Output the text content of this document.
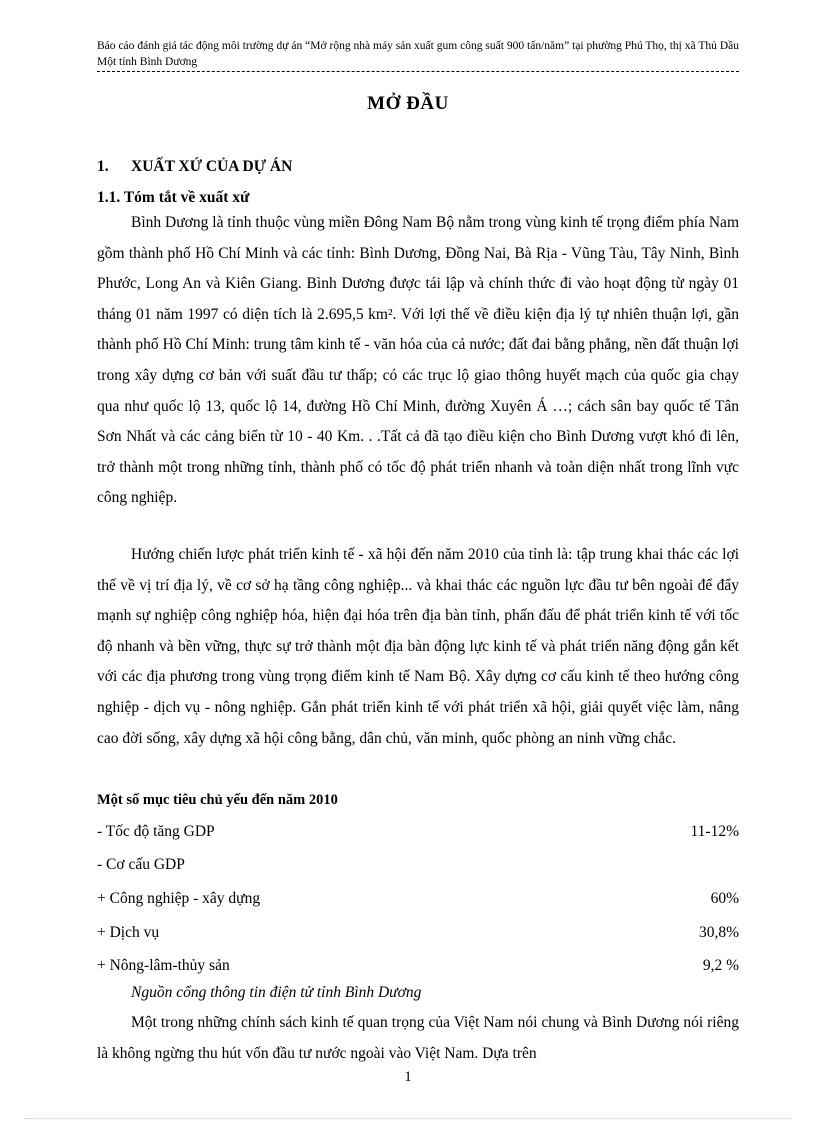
Báo cáo đánh giá tác động môi trường dự án “Mở rộng nhà máy sản xuất gum công suất 900 tấn/năm” tại phường Phú Thọ, thị xã Thủ Dầu Một tỉnh Bình Dương
MỞ ĐẦU
1. XUẤT XỨ CỦA DỰ ÁN
1.1. Tóm tắt về xuất xứ

Bình Dương là tỉnh thuộc vùng miền Đông Nam Bộ nằm trong vùng kinh tế trọng điểm phía Nam gồm thành phố Hồ Chí Minh và các tỉnh: Bình Dương, Đồng Nai, Bà Rịa - Vũng Tàu, Tây Ninh, Bình Phước, Long An và Kiên Giang. Bình Dương được tái lập và chính thức đi vào hoạt động từ ngày 01 tháng 01 năm 1997 có diện tích là 2.695,5 km². Với lợi thế về điều kiện địa lý tự nhiên thuận lợi, gần thành phố Hồ Chí Minh: trung tâm kinh tế - văn hóa của cả nước; đất đai bằng phẳng, nền đất thuận lợi trong xây dựng cơ bản với suất đầu tư thấp; có các trục lộ giao thông huyết mạch của quốc gia chạy qua như quốc lộ 13, quốc lộ 14, đường Hồ Chí Minh, đường Xuyên Á …; cách sân bay quốc tế Tân Sơn Nhất và các cảng biển từ 10 - 40 Km. . .Tất cả đã tạo điều kiện cho Bình Dương vượt khó đi lên, trở thành một trong những tỉnh, thành phố có tốc độ phát triển nhanh và toàn diện nhất trong lĩnh vực công nghiệp.

Hướng chiến lược phát triển kinh tế - xã hội đến năm 2010 của tỉnh là: tập trung khai thác các lợi thế về vị trí địa lý, về cơ sở hạ tầng công nghiệp... và khai thác các nguồn lực đầu tư bên ngoài để đẩy mạnh sự nghiệp công nghiệp hóa, hiện đại hóa trên địa bàn tỉnh, phấn đấu để phát triển kinh tế với tốc độ nhanh và bền vững, thực sự trở thành một địa bàn động lực kinh tế và phát triển năng động gắn kết với các địa phương trong vùng trọng điểm kinh tế Nam Bộ. Xây dựng cơ cấu kinh tế theo hướng công nghiệp - dịch vụ - nông nghiệp. Gắn phát triển kinh tế với phát triển xã hội, giải quyết việc làm, nâng cao đời sống, xây dựng xã hội công bằng, dân chủ, văn minh, quốc phòng an ninh vững chắc.

Một số mục tiêu chủ yếu đến năm 2010
- Tốc độ tăng GDP	11-12%
- Cơ cấu GDP
+ Công nghiệp - xây dựng	60%
+ Dịch vụ	30,8%
+ Nông-lâm-thủy sản	9,2 %
Nguồn cổng thông tin điện tử tỉnh Bình Dương

Một trong những chính sách kinh tế quan trọng của Việt Nam nói chung và Bình Dương nói riêng là không ngừng thu hút vốn đầu tư nước ngoài vào Việt Nam. Dựa trên

1
